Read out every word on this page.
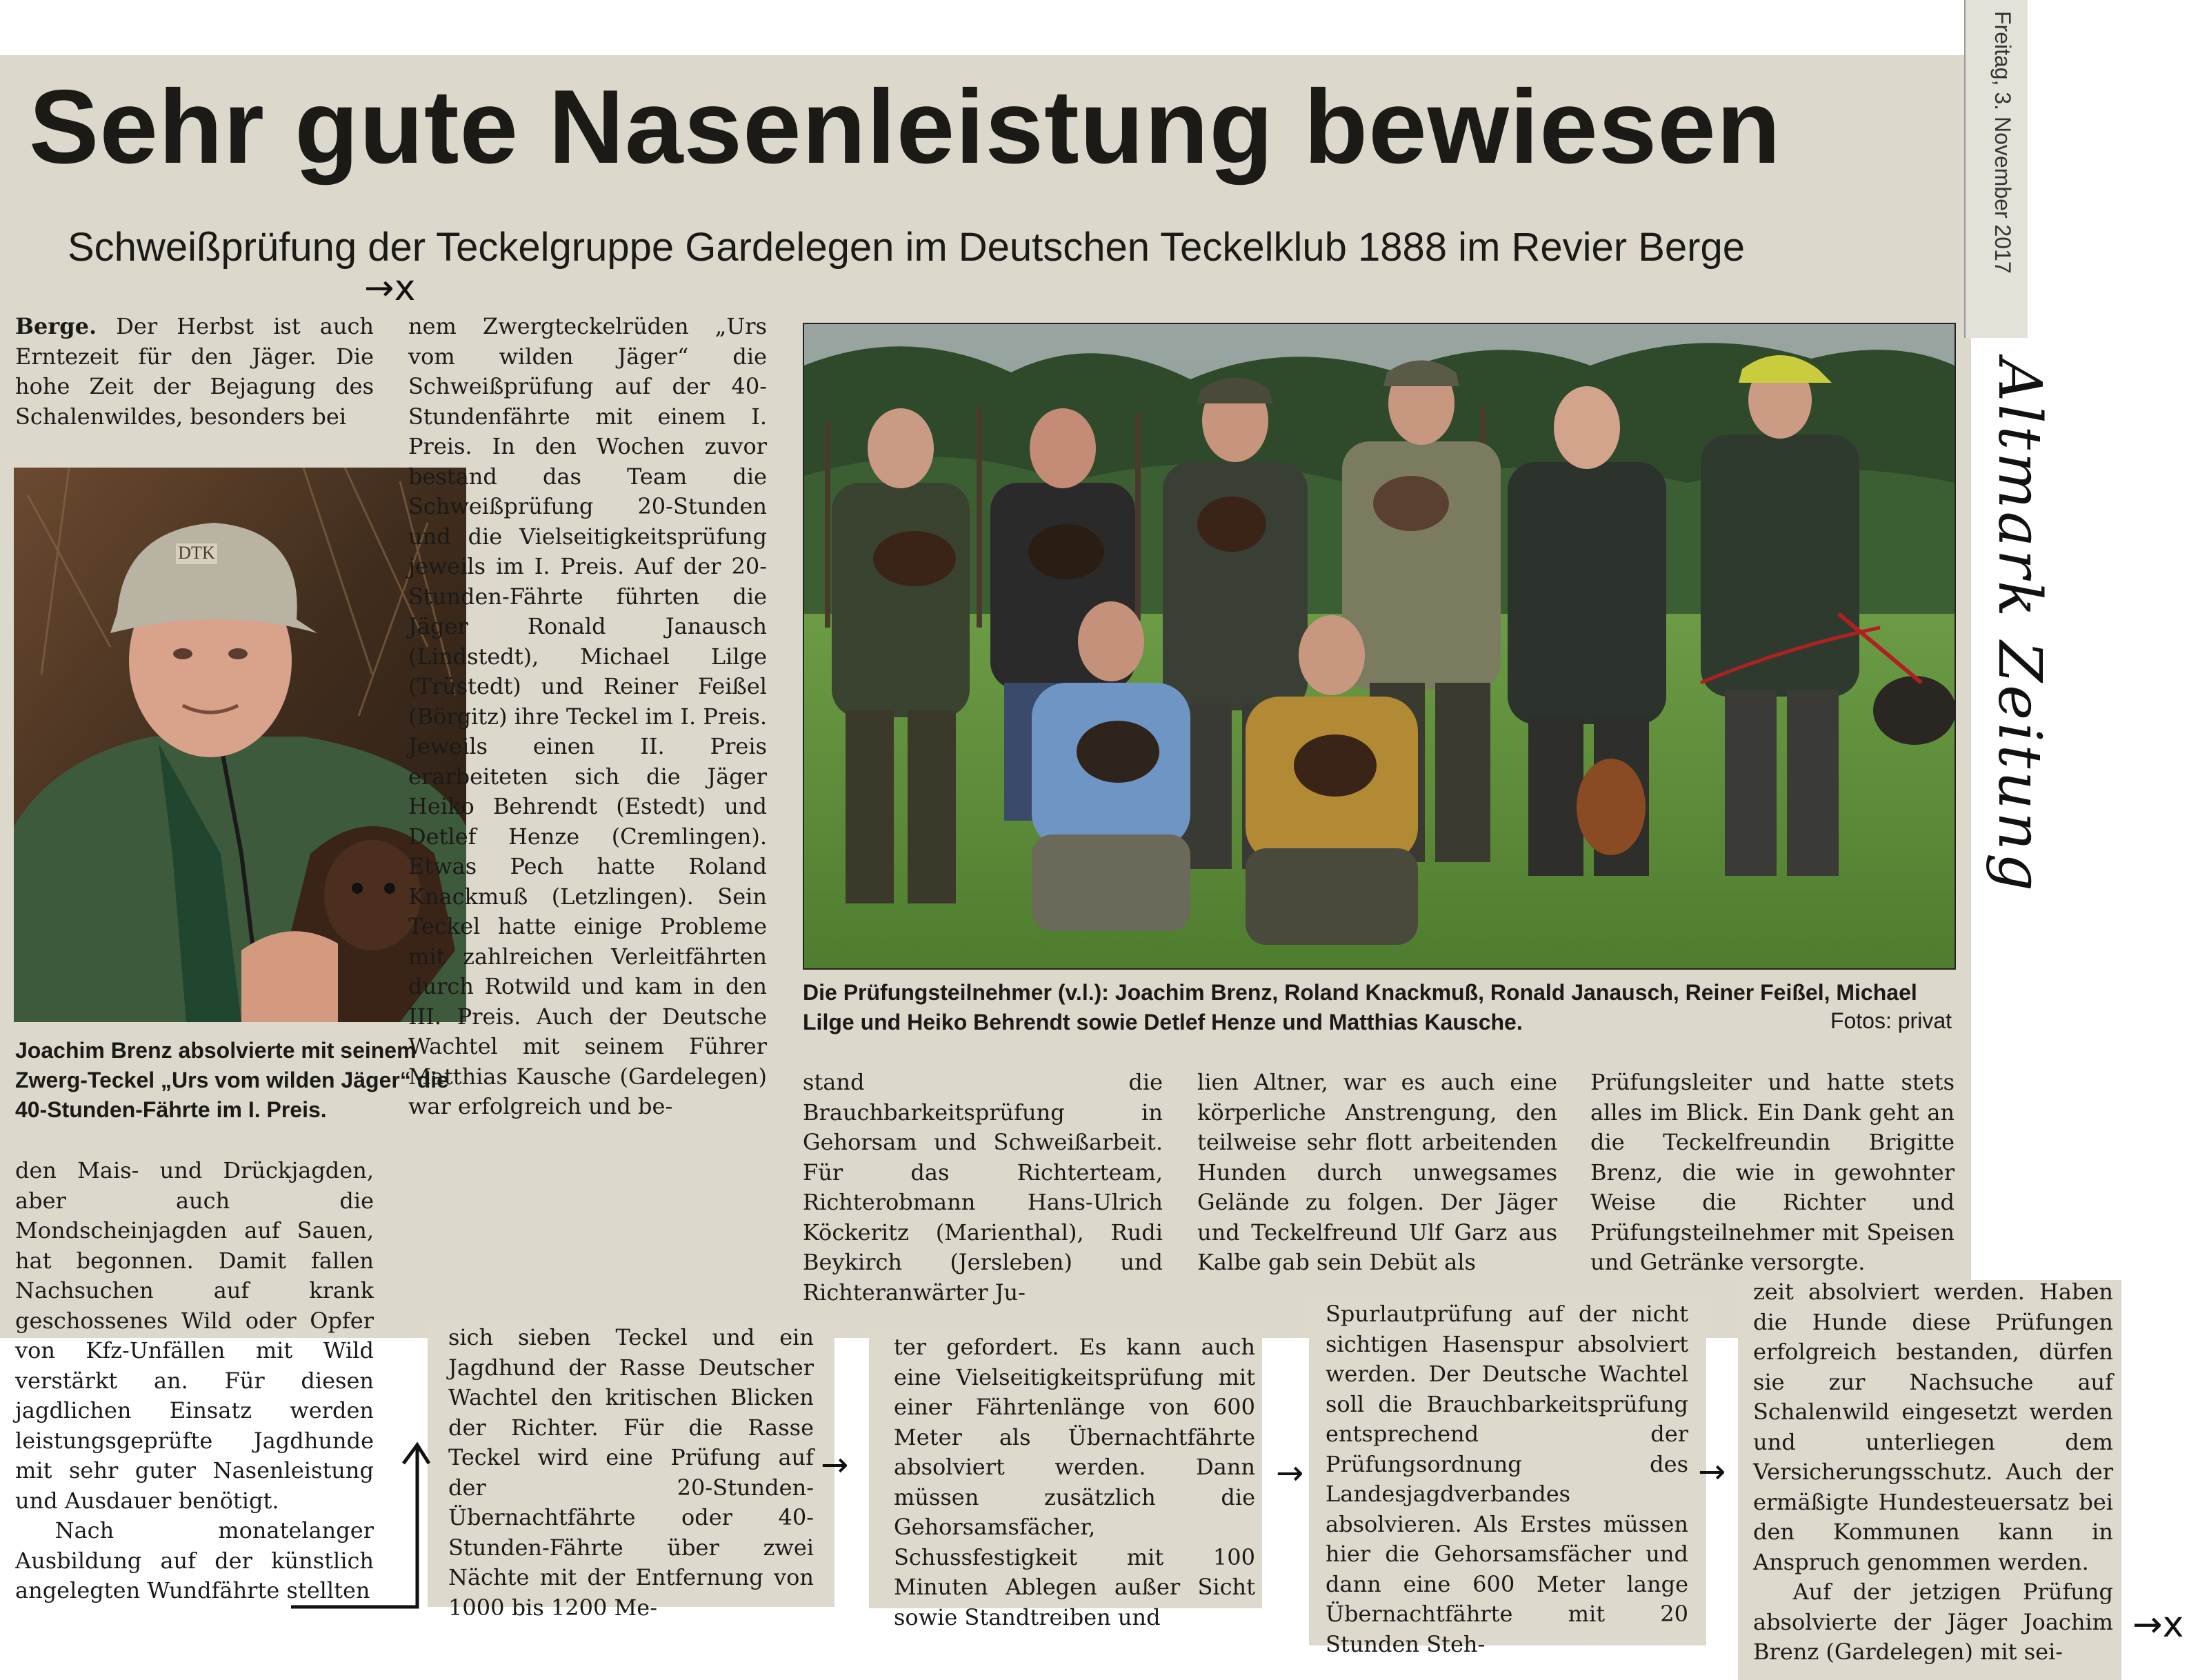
Freitag, 3. November 2017
Altmark Zeitung
Sehr gute Nasenleistung bewiesen
Schweißprüfung der Teckelgruppe Gardelegen im Deutschen Teckelklub 1888 im Revier Berge
→x

Berge. Der Herbst ist auch Erntezeit für den Jäger. Die hohe Zeit der Bejagung des Schalenwildes, besonders bei

DTK
Joachim Brenz absolvierte mit seinem Zwerg-Teckel „Urs vom wilden Jäger“ die 40-Stunden-Fährte im I. Preis.

den Mais- und Drückjagden, aber auch die Mondscheinjagden auf Sauen, hat begonnen. Damit fallen Nachsuchen auf krank geschossenes Wild oder Opfer von Kfz-Unfällen mit Wild verstärkt an. Für diesen jagdlichen Einsatz werden leistungsgeprüfte Jagdhunde mit sehr guter Nasenleistung und Ausdauer benötigt.

Nach monatelanger Ausbildung auf der künstlich angelegten Wundfährte stellten

nem Zwergteckelrüden „Urs vom wilden Jäger“ die Schweißprüfung auf der 40-Stundenfährte mit einem I. Preis. In den Wochen zuvor bestand das Team die Schweißprüfung 20-Stunden und die Vielseitigkeitsprüfung jeweils im I. Preis. Auf der 20-Stunden-Fährte führten die Jäger Ronald Janausch (Lindstedt), Michael Lilge (Trüstedt) und Reiner Feißel (Börgitz) ihre Teckel im I. Preis. Jeweils einen II. Preis erarbeiteten sich die Jäger Heiko Behrendt (Estedt) und Detlef Henze (Cremlingen). Etwas Pech hatte Roland Knackmuß (Letzlingen). Sein Teckel hatte einige Probleme mit zahlreichen Verleitfährten durch Rotwild und kam in den III. Preis. Auch der Deutsche Wachtel mit seinem Führer Matthias Kausche (Gardelegen) war erfolgreich und be-

Die Prüfungsteilnehmer (v.l.): Joachim Brenz, Roland Knackmuß, Ronald Janausch, Reiner Feißel, Michael Lilge und Heiko Behrendt sowie Detlef Henze und Matthias Kausche.	Fotos: privat
stand die Brauchbarkeitsprüfung in Gehorsam und Schweißarbeit. Für das Richterteam, Richterobmann Hans-Ulrich Köckeritz (Marienthal), Rudi Beykirch (Jersleben) und Richteranwärter Ju-
lien Altner, war es auch eine körperliche Anstrengung, den teilweise sehr flott arbeitenden Hunden durch unwegsames Gelände zu folgen. Der Jäger und Teckelfreund Ulf Garz aus Kalbe gab sein Debüt als
Prüfungsleiter und hatte stets alles im Blick. Ein Dank geht an die Teckelfreundin Brigitte Brenz, die wie in gewohnter Weise die Richter und Prüfungsteilnehmer mit Speisen und Getränke versorgte.
sich sieben Teckel und ein Jagdhund der Rasse Deutscher Wachtel den kritischen Blicken der Richter. Für die Rasse Teckel wird eine Prüfung auf der 20-Stunden-Übernachtfährte oder 40-Stunden-Fährte über zwei Nächte mit der Entfernung von 1000 bis 1200 Me-
ter gefordert. Es kann auch eine Vielseitigkeitsprüfung mit einer Fährtenlänge von 600 Meter als Übernachtfährte absolviert werden. Dann müssen zusätzlich die Gehorsamsfächer, Schussfestigkeit mit 100 Minuten Ablegen außer Sicht sowie Standtreiben und
Spurlautprüfung auf der nicht sichtigen Hasenspur absolviert werden. Der Deutsche Wachtel soll die Brauchbarkeitsprüfung entsprechend der Prüfungsordnung des Landesjagdverbandes absolvieren. Als Erstes müssen hier die Gehorsamsfächer und dann eine 600 Meter lange Übernachtfährte mit 20 Stunden Steh-

zeit absolviert werden. Haben die Hunde diese Prüfungen erfolgreich bestanden, dürfen sie zur Nachsuche auf Schalenwild eingesetzt werden und unterliegen dem Versicherungsschutz. Auch der ermäßigte Hundesteuersatz bei den Kommunen kann in Anspruch genommen werden.

Auf der jetzigen Prüfung absolvierte der Jäger Joachim Brenz (Gardelegen) mit sei-

→	→	→
→x
